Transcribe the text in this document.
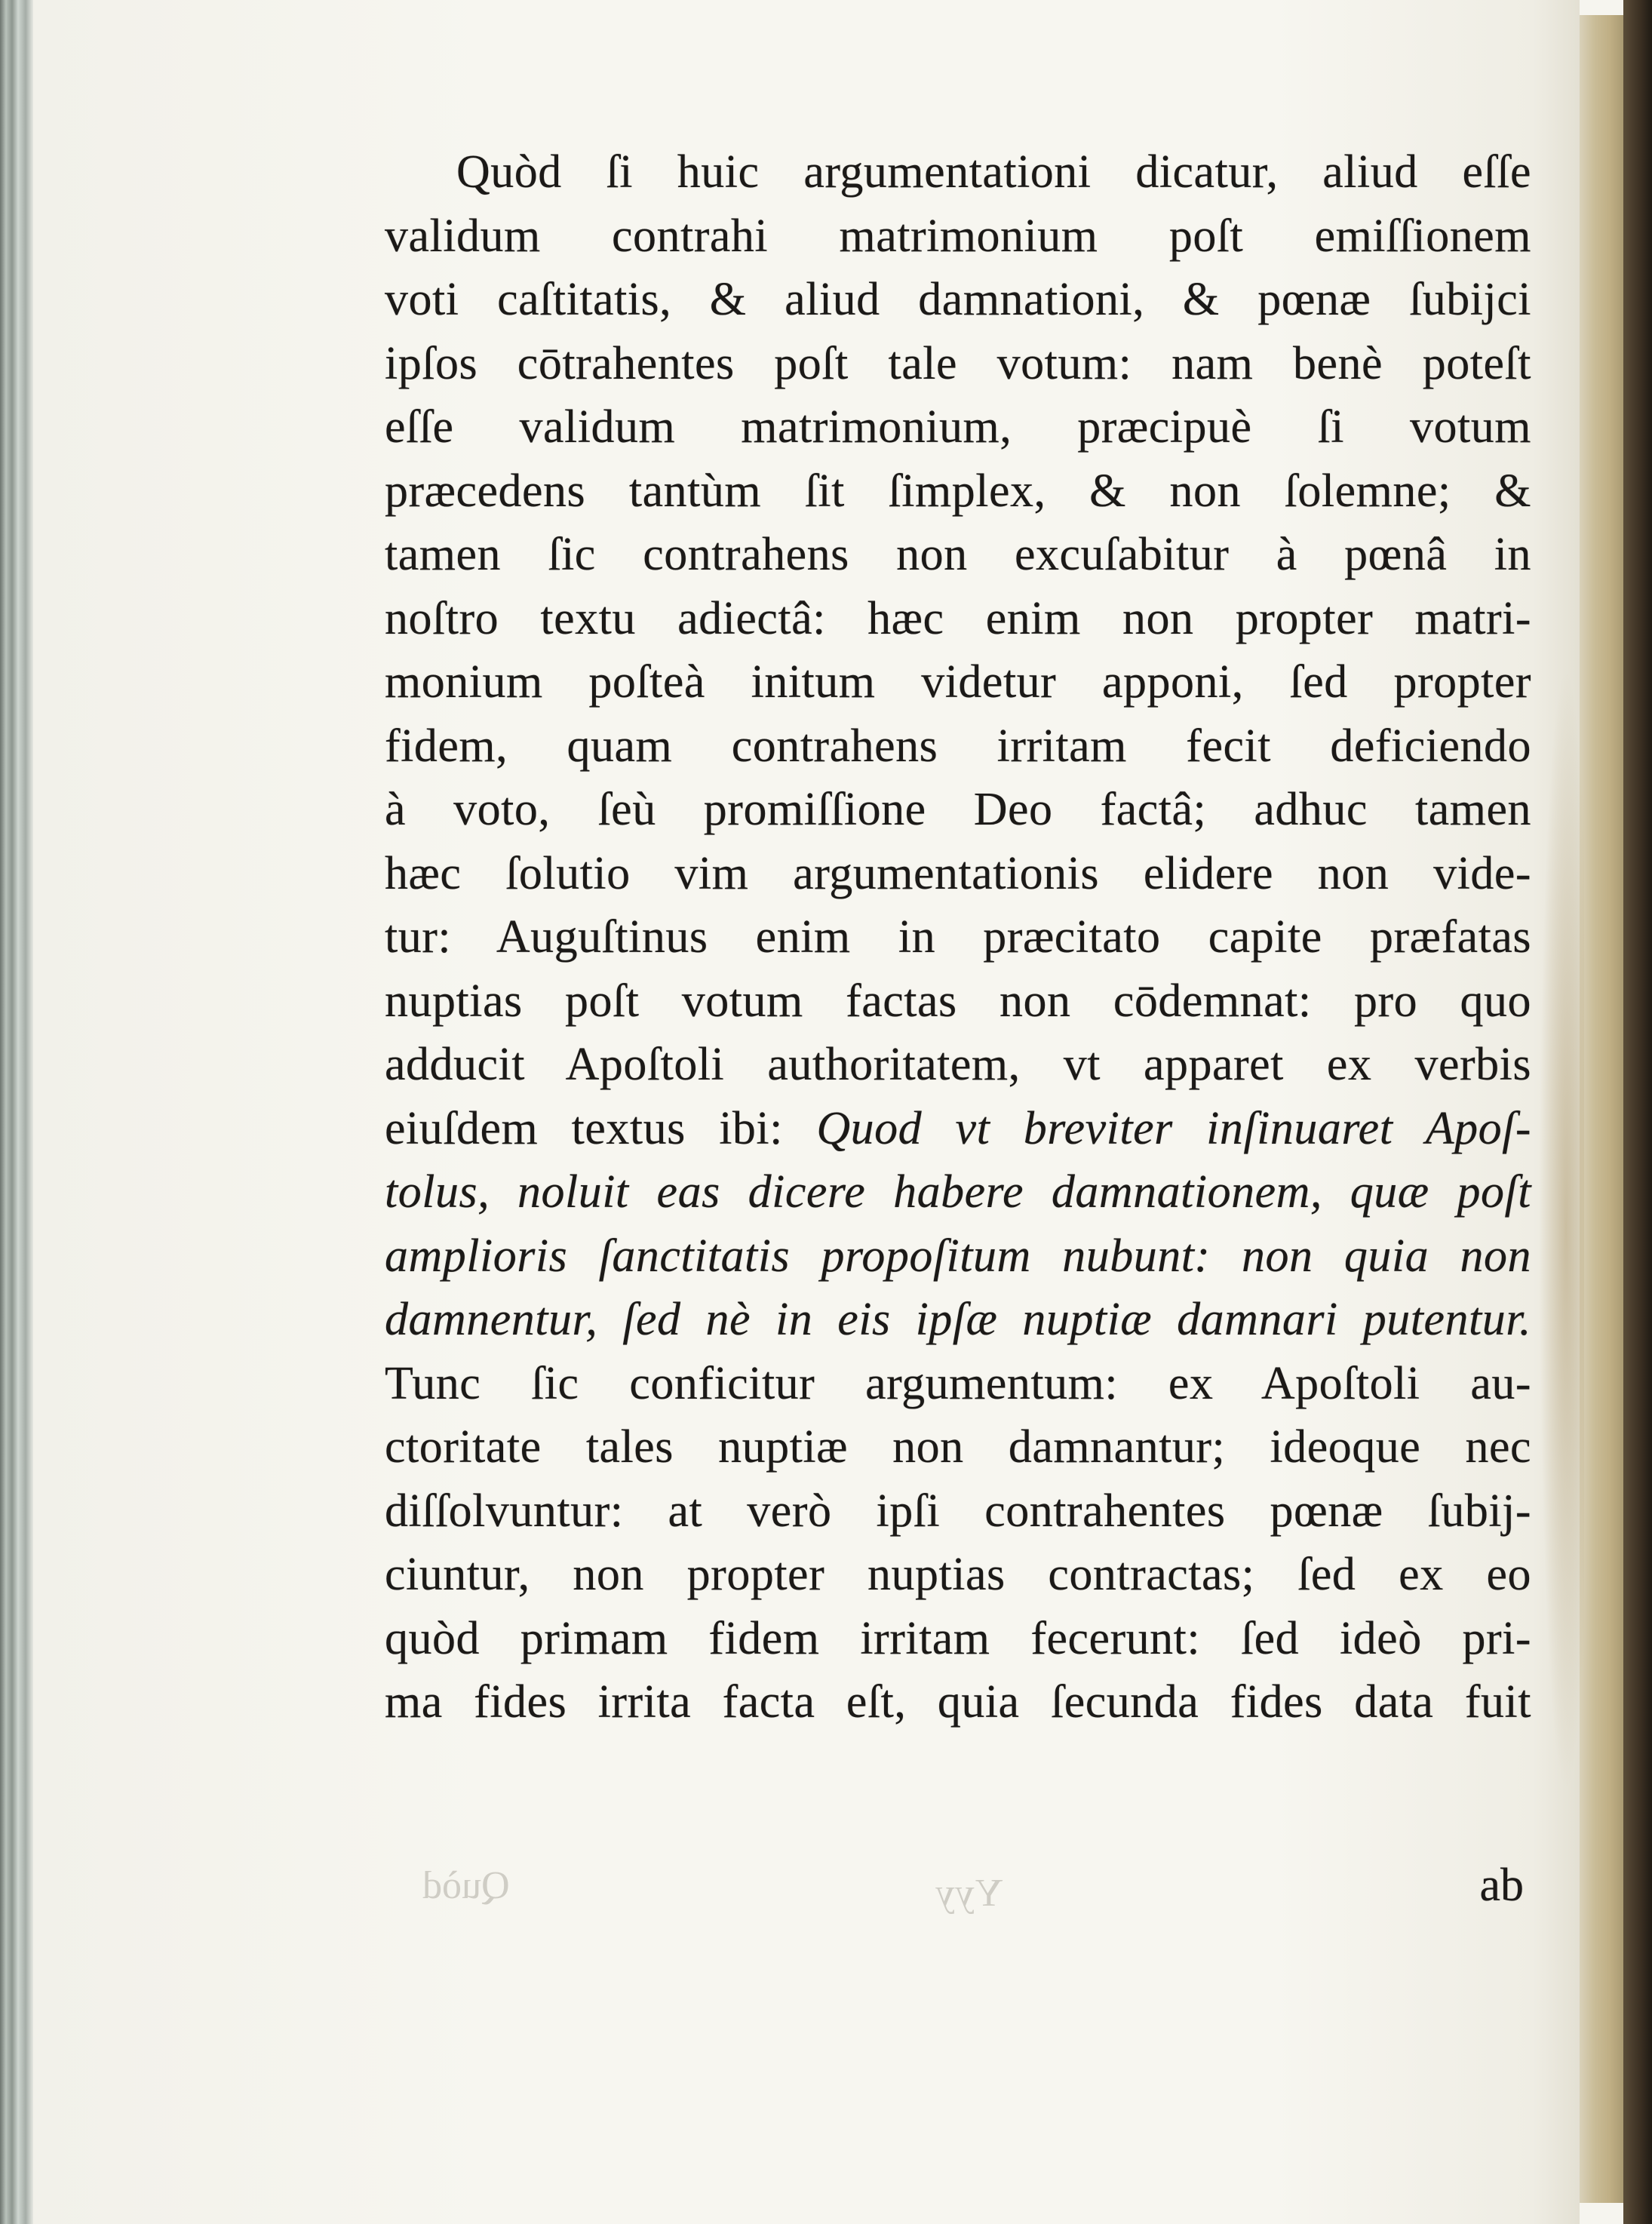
Quòd	Yyy
Quòd ſi huic argumentationi dicatur, aliud eſſe
validum contrahi matrimonium poſt emiſſionem
voti caſtitatis, & aliud damnationi, & pœnæ ſubijci
ipſos cōtrahentes poſt tale votum: nam benè poteſt
eſſe validum matrimonium, præcipuè ſi votum
præcedens tantùm ſit ſimplex, & non ſolemne; &
tamen ſic contrahens non excuſabitur à pœnâ in
noſtro textu adiectâ: hæc enim non propter matri-
monium poſteà initum videtur apponi, ſed propter
fidem, quam contrahens irritam fecit deficiendo
à voto, ſeù promiſſione Deo factâ; adhuc tamen
hæc ſolutio vim argumentationis elidere non vide-
tur: Auguſtinus enim in præcitato capite præfatas
nuptias poſt votum factas non cōdemnat: pro quo
adducit Apoſtoli authoritatem, vt apparet ex verbis
eiuſdem textus ibi: Quod vt breviter inſinuaret Apoſ-
tolus, noluit eas dicere habere damnationem, quæ poſt
amplioris ſanctitatis propoſitum nubunt: non quia non
damnentur, ſed nè in eis ipſæ nuptiæ damnari putentur.
Tunc ſic conficitur argumentum: ex Apoſtoli au-
ctoritate tales nuptiæ non damnantur; ideoque nec
diſſolvuntur: at verò ipſi contrahentes pœnæ ſubij-
ciuntur, non propter nuptias contractas; ſed ex eo
quòd primam fidem irritam fecerunt: ſed ideò pri-
ma fides irrita facta eſt, quia ſecunda fides data fuit
ab
